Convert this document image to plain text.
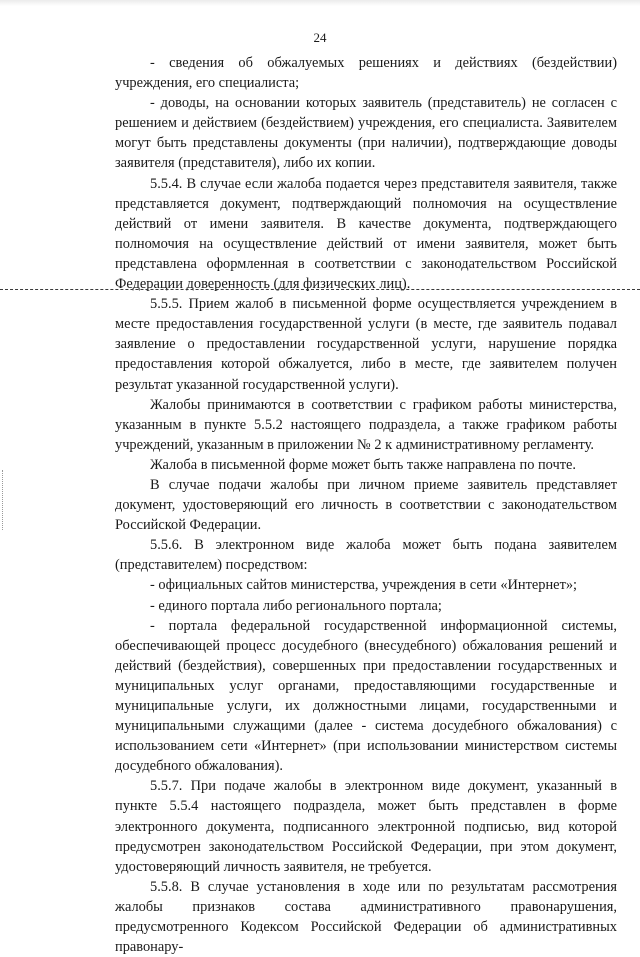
24

- сведения об обжалуемых решениях и действиях (бездействии) учреждения, его специалиста;

- доводы, на основании которых заявитель (представитель) не согласен с решением и действием (бездействием) учреждения, его специалиста. Заявителем могут быть представлены документы (при наличии), подтверждающие доводы заявителя (представителя), либо их копии.

5.5.4. В случае если жалоба подается через представителя заявителя, также представляется документ, подтверждающий полномочия на осуществление действий от имени заявителя. В качестве документа, подтверждающего полномочия на осуществление действий от имени заявителя, может быть представлена оформленная в соответствии с законодательством Российской Федерации доверенность (для физических лиц).

5.5.5. Прием жалоб в письменной форме осуществляется учреждением в месте предоставления государственной услуги (в месте, где заявитель подавал заявление о предоставлении государственной услуги, нарушение порядка предоставления которой обжалуется, либо в месте, где заявителем получен результат указанной государственной услуги).

Жалобы принимаются в соответствии с графиком работы министерства, указанным в пункте 5.5.2 настоящего подраздела, а также графиком работы учреждений, указанным в приложении № 2 к административному регламенту.

Жалоба в письменной форме может быть также направлена по почте.

В случае подачи жалобы при личном приеме заявитель представляет документ, удостоверяющий его личность в соответствии с законодательством Российской Федерации.

5.5.6. В электронном виде жалоба может быть подана заявителем (представителем) посредством:

- официальных сайтов министерства, учреждения в сети «Интернет»;

- единого портала либо регионального портала;

- портала федеральной государственной информационной системы, обеспечивающей процесс досудебного (внесудебного) обжалования решений и действий (бездействия), совершенных при предоставлении государственных и муниципальных услуг органами, предоставляющими государственные и муниципальные услуги, их должностными лицами, государственными и муниципальными служащими (далее - система досудебного обжалования) с использованием сети «Интернет» (при использовании министерством системы досудебного обжалования).

5.5.7. При подаче жалобы в электронном виде документ, указанный в пункте 5.5.4 настоящего подраздела, может быть представлен в форме электронного документа, подписанного электронной подписью, вид которой предусмотрен законодательством Российской Федерации, при этом документ, удостоверяющий личность заявителя, не требуется.

5.5.8. В случае установления в ходе или по результатам рассмотрения жалобы признаков состава административного правонарушения, предусмотренного Кодексом Российской Федерации об административных правонару-
